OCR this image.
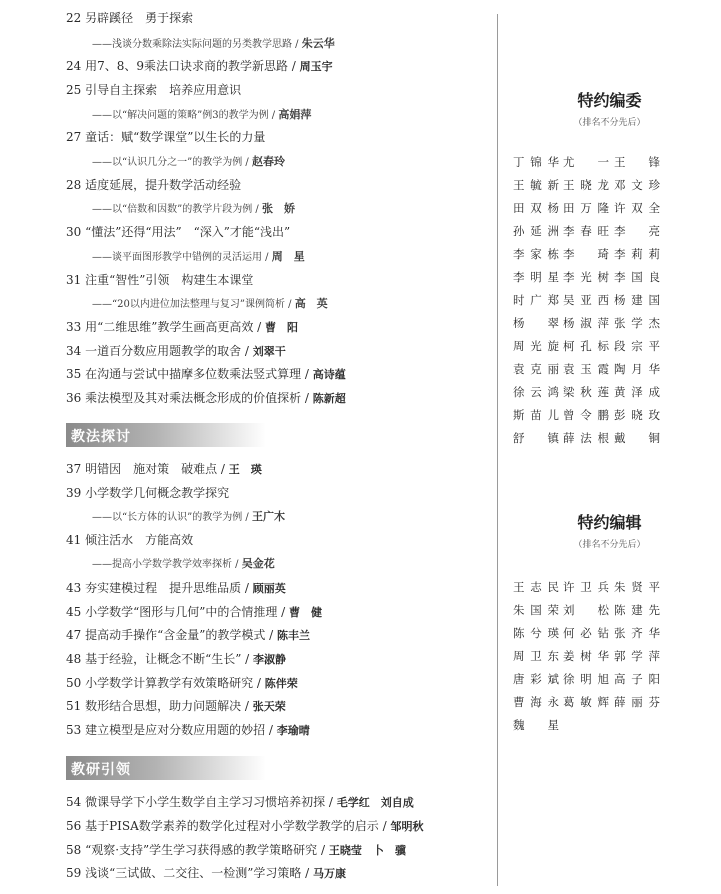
22 另辟蹊径　勇于探索
——浅谈分数乘除法实际问题的另类教学思路 / 朱云华
24 用7、8、9乘法口诀求商的教学新思路 / 周玉宇
25 引导自主探索　培养应用意识
——以“解决问题的策略”例3的教学为例 / 高娟萍
27 童话：赋“数学课堂”以生长的力量
——以“认识几分之一”的教学为例 / 赵春玲
28 适度延展，提升数学活动经验
——以“倍数和因数”的教学片段为例 / 张　娇
30 “懂法”还得“用法”　“深入”才能“浅出”
——谈平面图形教学中错例的灵活运用 / 周　星
31 注重“智性”引领　构建生本课堂
——“20以内进位加法整理与复习”课例简析 / 高　英
33 用“二维思维”教学生画高更高效 / 曹　阳
34 一道百分数应用题教学的取舍 / 刘翠干
35 在沟通与尝试中描摩多位数乘法竖式算理 / 高诗蕴
36 乘法模型及其对乘法概念形成的价值探析 / 陈新超
教法探讨
37 明错因　施对策　破难点 / 王　瑛
39 小学数学几何概念教学探究
——以“长方体的认识”的教学为例 / 王广木
41 倾注活水　方能高效
——提高小学数学教学效率探析 / 吴金花
43 夯实建模过程　提升思维品质 / 顾丽英
45 小学数学“图形与几何”中的合情推理 / 曹　健
47 提高动手操作“含金量”的教学模式 / 陈丰兰
48 基于经验，让概念不断“生长” / 李淑静
50 小学数学计算教学有效策略研究 / 陈伴荣
51 数形结合思想，助力问题解决 / 张天荣
53 建立模型是应对分数应用题的妙招 / 李瑜晴
教研引领
54 微课导学下小学生数学自主学习习惯培养初探 / 毛学红　刘自成
56 基于PISA数学素养的数学化过程对小学数学教学的启示 / 邹明秋
58 “观察·支持”学生学习获得感的教学策略研究 / 王晓莹　卜　骥
59 浅谈“三试做、二交往、一检测”学习策略 / 马万康
特约编委
（排名不分先后）
丁锦华 尤　一 王　锋
王毓新 王晓龙 邓文珍
田双杨 田万隆 许双全
孙延洲 李春旺 李　亮
李家栋 李　琦 李莉莉
李明星 李光树 李国良
时广郑 吴亚西 杨建国
杨　翠 杨淑萍 张学杰
周光旋 柯孔标 段宗平
袁克丽 袁玉霞 陶月华
徐云鸿 梁秋莲 黄泽成
斯苗儿 曾令鹏 彭晓玫
舒　镇 薛法根 戴　铜
特约编辑
（排名不分先后）
王志民 许卫兵 朱贤平
朱国荣 刘　松 陈建先
陈兮瑛 何必钻 张齐华
周卫东 姜树华 郭学萍
唐彩斌 徐明旭 高子阳
曹海永 葛敏辉 薛丽芬
魏　星
